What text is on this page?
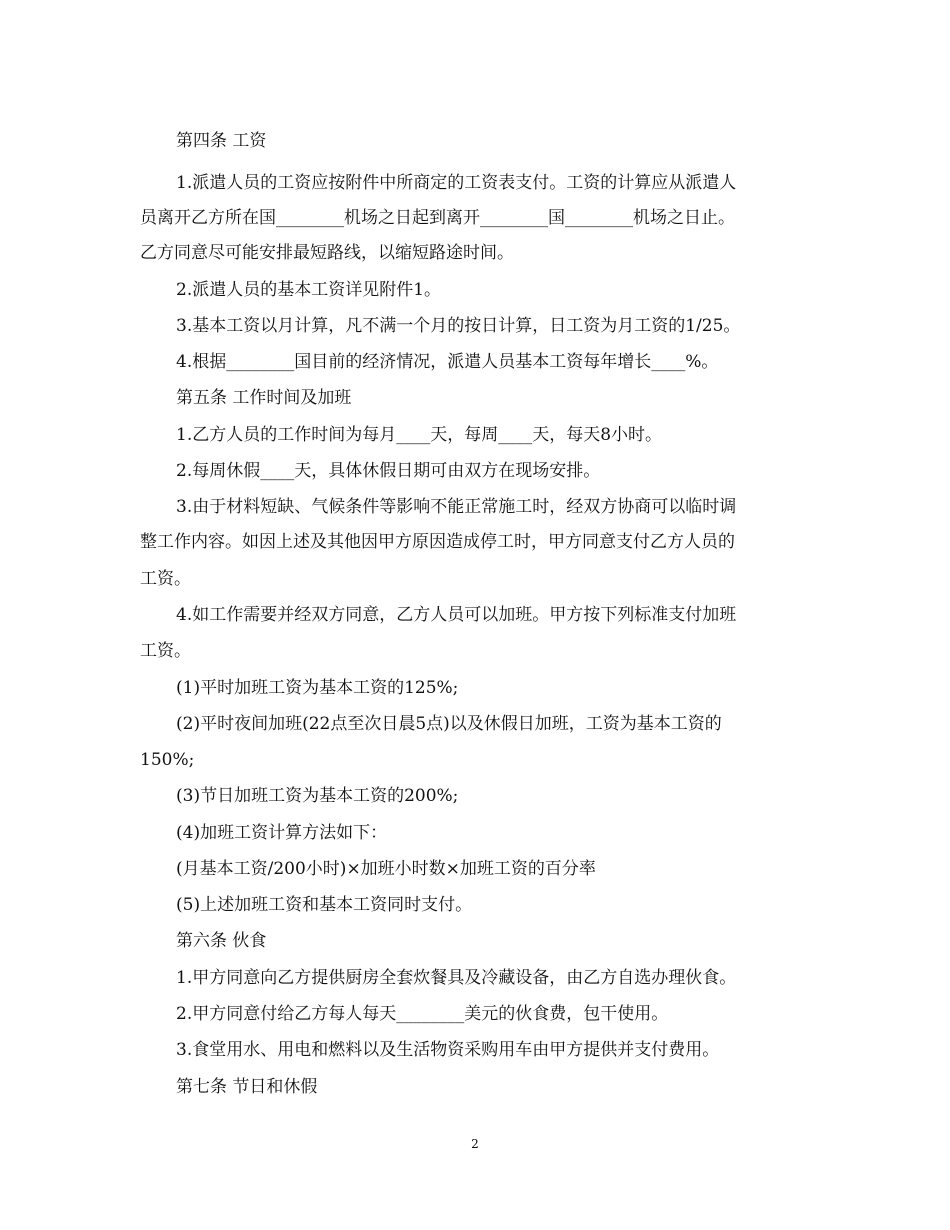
第四条 工资
1.派遣人员的工资应按附件中所商定的工资表支付。工资的计算应从派遣人
员离开乙方所在国________机场之日起到离开________国________机场之日止。
乙方同意尽可能安排最短路线，以缩短路途时间。
2.派遣人员的基本工资详见附件1。
3.基本工资以月计算，凡不满一个月的按日计算，日工资为月工资的1/25。
4.根据________国目前的经济情况，派遣人员基本工资每年增长____%。
第五条 工作时间及加班
1.乙方人员的工作时间为每月____天，每周____天，每天8小时。
2.每周休假____天，具体休假日期可由双方在现场安排。
3.由于材料短缺、气候条件等影响不能正常施工时，经双方协商可以临时调
整工作内容。如因上述及其他因甲方原因造成停工时，甲方同意支付乙方人员的
工资。
4.如工作需要并经双方同意，乙方人员可以加班。甲方按下列标准支付加班
工资。
(1)平时加班工资为基本工资的125%;
(2)平时夜间加班(22点至次日晨5点)以及休假日加班，工资为基本工资的
150%;
(3)节日加班工资为基本工资的200%;
(4)加班工资计算方法如下：
(月基本工资/200小时)×加班小时数×加班工资的百分率
(5)上述加班工资和基本工资同时支付。
第六条 伙食
1.甲方同意向乙方提供厨房全套炊餐具及冷藏设备，由乙方自选办理伙食。
2.甲方同意付给乙方每人每天________美元的伙食费，包干使用。
3.食堂用水、用电和燃料以及生活物资采购用车由甲方提供并支付费用。
第七条 节日和休假
2
